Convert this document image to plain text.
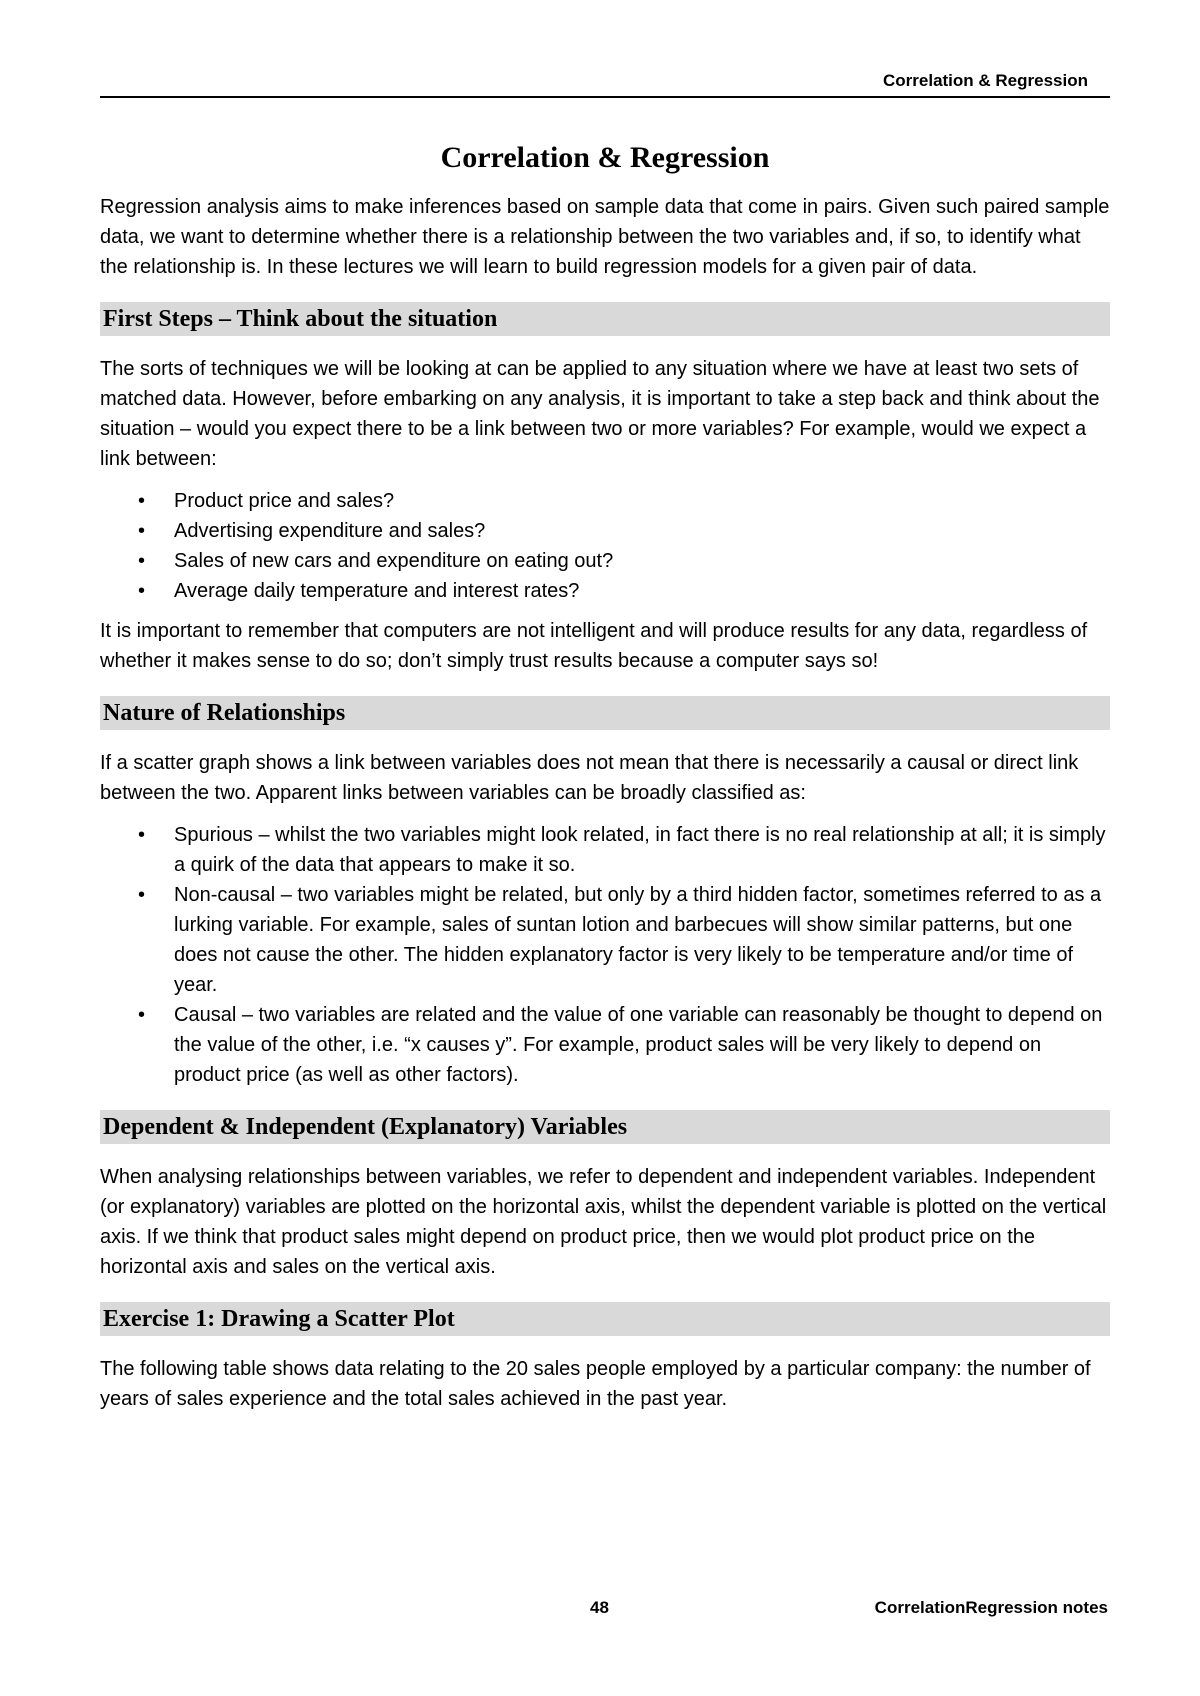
Correlation & Regression
Correlation & Regression

Regression analysis aims to make inferences based on sample data that come in pairs. Given such paired sample data, we want to determine whether there is a relationship between the two variables and, if so, to identify what the relationship is. In these lectures we will learn to build regression models for a given pair of data.

First Steps – Think about the situation

The sorts of techniques we will be looking at can be applied to any situation where we have at least two sets of matched data. However, before embarking on any analysis, it is important to take a step back and think about the situation – would you expect there to be a link between two or more variables? For example, would we expect a link between:

• Product price and sales?
• Advertising expenditure and sales?
• Sales of new cars and expenditure on eating out?
• Average daily temperature and interest rates?

It is important to remember that computers are not intelligent and will produce results for any data, regardless of whether it makes sense to do so; don’t simply trust results because a computer says so!

Nature of Relationships

If a scatter graph shows a link between variables does not mean that there is necessarily a causal or direct link between the two. Apparent links between variables can be broadly classified as:

• Spurious – whilst the two variables might look related, in fact there is no real relationship at all; it is simply a quirk of the data that appears to make it so.
• Non-causal – two variables might be related, but only by a third hidden factor, sometimes referred to as a lurking variable. For example, sales of suntan lotion and barbecues will show similar patterns, but one does not cause the other. The hidden explanatory factor is very likely to be temperature and/or time of year.
• Causal – two variables are related and the value of one variable can reasonably be thought to depend on the value of the other, i.e. “x causes y”. For example, product sales will be very likely to depend on product price (as well as other factors).
Dependent & Independent (Explanatory) Variables

When analysing relationships between variables, we refer to dependent and independent variables. Independent (or explanatory) variables are plotted on the horizontal axis, whilst the dependent variable is plotted on the vertical axis. If we think that product sales might depend on product price, then we would plot product price on the horizontal axis and sales on the vertical axis.

Exercise 1: Drawing a Scatter Plot

The following table shows data relating to the 20 sales people employed by a particular company: the number of years of sales experience and the total sales achieved in the past year.

48	CorrelationRegression notes
